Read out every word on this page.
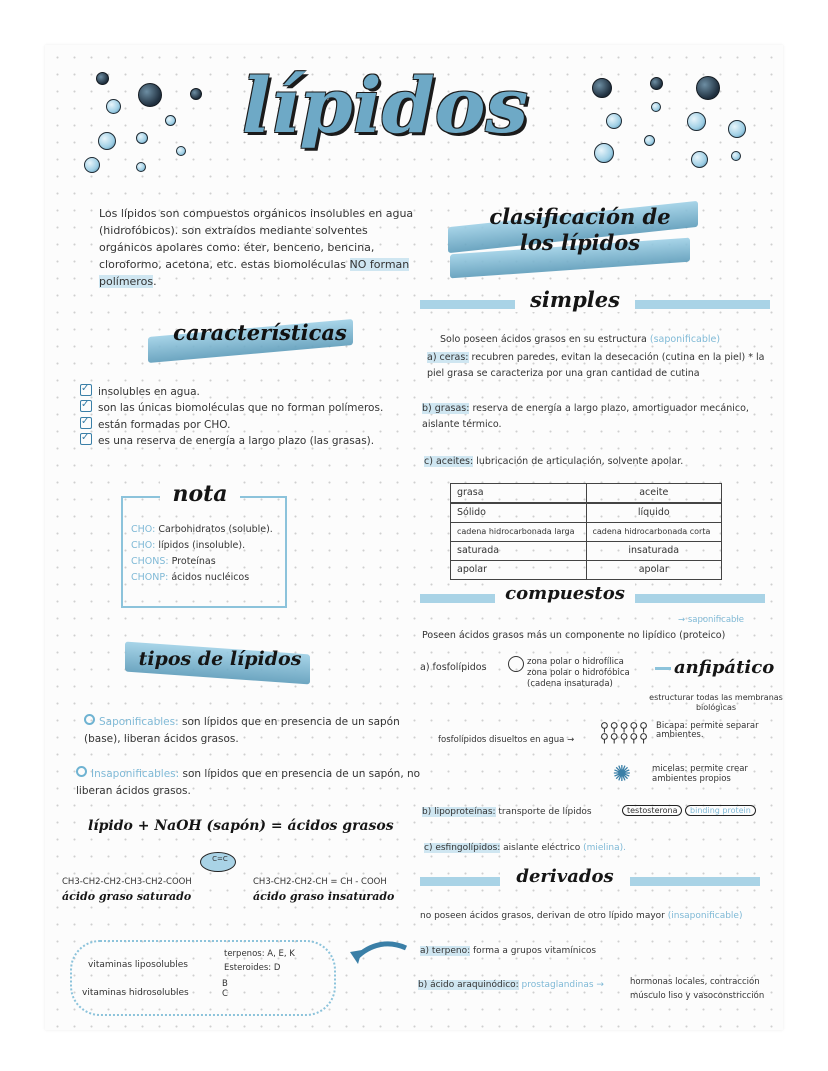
lípidos
Los lípidos son compuestos orgánicos insolubles en agua (hidrofóbicos). son extraídos mediante solventes orgánicos apolares como: éter, benceno, bencina, cloroformo, acetona, etc. estas biomoléculas NO forman polímeros.
características
✓insolubles en agua.
✓son las únicas biomoléculas que no forman polímeros.
✓están formadas por CHO.
✓es una reserva de energía a largo plazo (las grasas).
nota
CHO: Carbohidratos (soluble).
CHO: lípidos (insoluble).
CHONS: Proteínas
CHONP: ácidos nucléicos
tipos de lípidos
Saponificables: son lípidos que en presencia de un sapón (base), liberan ácidos grasos.
Insaponificables: son lípidos que en presencia de un sapón, no liberan ácidos grasos.
lípido + NaOH (sapón) = ácidos grasos
C=C
CH3-CH2-CH2-CH3-CH2-COOH
ácido graso saturado
CH3-CH2-CH2-CH = CH - COOH
ácido graso insaturado
vitaminas liposolubles
terpenos: A, E, K
Esteroides: D
vitaminas hidrosolubles
B
C
clasificación de
los lípidos
simples
Solo poseen ácidos grasos en su estructura (saponificable)
a) ceras: recubren paredes, evitan la desecación (cutina en la piel) * la piel grasa se caracteriza por una gran cantidad de cutina
b) grasas: reserva de energía a largo plazo, amortiguador mecánico, aislante térmico.
c) aceites: lubricación de articulación, solvente apolar.
grasa	aceite
Sólido	líquido
cadena hidrocarbonada larga	cadena hidrocarbonada corta
saturada	insaturada
apolar	apolar
compuestos
→ saponificable
Poseen ácidos grasos más un componente no lipídico (proteico)
a) fosfolípidos	zona polar o hidrofílica
zona polar o hidrofóbica
(cadena insaturada)
anfipático
estructurar todas las membranas biológicas
fosfolípidos disueltos en agua →
⚲⚲⚲⚲⚲
⚲⚲⚲⚲⚲
Bicapa: permite separar ambientes.
✺	micelas: permite crear ambientes propios
b) lipoproteínas: transporte de lípidos	testosterona binding protein
c) esfingolípidos: aislante eléctrico (mielina).
derivados
no poseen ácidos grasos, derivan de otro lípido mayor (insaponificable)
a) terpeno: forma a grupos vitamínicos
b) ácido araquinódico: prostaglandinas →	hormonas locales, contracción músculo liso y vasoconstricción
